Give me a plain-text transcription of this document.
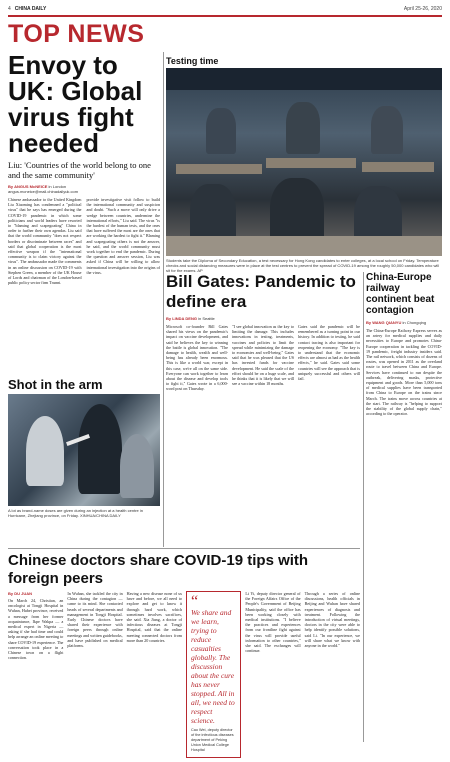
4 CHINA DAILY	April 25-26, 2020
TOP NEWS
Envoy to UK: Global virus fight needed
Liu: 'Countries of the world belong to one and the same community'
By ANGUS McNEICE in London
angus.mcneice@mail.chinadailyuk.com
Chinese ambassador to the United Kingdom Liu Xiaoming has condemned a "political virus" that he says has emerged during the COVID-19 pandemic in which some politicians and world leaders have resorted to "blaming and scapegoating" China in order to further their own agendas. Liu said that the world community "does not respect borders or discriminate between races" and said that global cooperation is the most effective weapon if the "international community is to claim victory against the virus". The ambassador made the comments in an online discussion on COVID-19 with Stephen Green, a member of the UK House of Lords and chairman of the London-based public policy sector firm Trunni.
provide investigative visit follow to build the international community and suspicion and doubt. "Such a move will only drive a wedge between countries, undermine the international efforts," Liu said. The virus "is the hardest of the human tests, and the ones that have suffered the most are the ones that are working the hardest to fight it." Blaming and scapegoating others is not the answer, he said, and the world community must work together to end the pandemic. During the question and answer session, Liu was asked if China will be willing to allow international investigation into the origins of the virus.
Shot in the arm
A lot as brand-name doses are given during an injection at a health centre in Hurricane, Zhejiang province, on Friday. XINHUA/CHINA DAILY
Testing time
Students take the Diploma of Secondary Education, a test necessary for Hong Kong candidates to enter colleges, at a local school on Friday. Temperature checks and social distancing measures were in place at the test centres to prevent the spread of COVID-19 among the roughly 50,000 candidates who will sit for the exams. AP
Bill Gates: Pandemic to define era
By LINDA DENG in Seattle
Microsoft co-founder Bill Gates shared his views on the pandemic's impact on vaccine development, and said he believes the key to winning the battle is global innovation. "The damage to health, wealth and well-being has already been enormous. This is like a world war, except in this case, we're all on the same side. Everyone can work together to learn about the disease and develop tools to fight it," Gates wrote in a 6,000-word post on Thursday.
"I see global innovation as the key to limiting the damage. This includes innovations in testing, treatments, vaccines and policies to limit the spread while minimizing the damage to economies and well-being." Gates said that he was pleased that the US has invested funds for vaccine development. He said the scale of the effort should be on a huge scale, and he thinks that it is likely that we will see a vaccine within 18 months.
Gates said the pandemic will be remembered as a turning point in our history. In addition to testing, he said contact tracing is also important for reopening the economy. "The key is to understand that the economic effects are almost as bad as the health effects," he said. Gates said some countries will see the approach that is uniquely successful and others will fail.
China-Europe railway continent beat contagion
By WANG QIANYU in Chongqing
The China-Europe Railway Express serves as an artery for medical supplies and daily necessities to Europe and promotes China-Europe cooperation in tackling the COVID-19 pandemic, freight industry insiders said. The rail network, which consists of dozens of routes, was opened in 2011 as the overland route to travel between China and Europe. Services have continued to run despite the outbreak, delivering masks, protective equipment and goods. More than 5,000 tons of medical supplies have been transported from China to Europe on the trains since March. The trains move across countries at the start. The railway is "helping to support the stability of the global supply chain," according to the operator.
Chinese doctors share COVID-19 tips with foreign peers
By DU JUAN
On March 24, Christian, an oncologist at Tongji Hospital in Wuhan, Hubei province, received a message from her former acquaintance, Ikpe Wakpa — a medical expert in Nigeria — asking if she had time and could help arrange an online meeting to share COVID-19 experience. The conversation took place in a Chinese town on a flight connection.
In Wuhan, she tackled the city in China during the contagion — came to its mind. She contacted heads of several departments and management in Tongji Hospital. Early Chinese doctors have shared their experience with foreign peers through online meetings and written guidebooks, and have published on medical platforms.
Having a new disease none of us have and before, we all need to explore and get to know it through hard work, which sometimes involves sacrifices, she said. Xia Jiang, a doctor of infectious diseases at Tongji Hospital, said that the online meeting connected doctors from more than 20 countries.
“
We share and we learn, trying to reduce casualties globally. The discussion about the cure has never stopped. All in all, we need to respect science.
Cao Wei, deputy director of the infectious diseases department of Peking Union Medical College Hospital
Li Yi, deputy director general of the Foreign Affairs Office of the People's Government of Beijing Municipality, said the office has been working closely with medical institutions. "I believe the practices and experiences from our frontline fight against the virus will provide useful information to other countries," she said. The exchanges will continue.
Through a series of online discussions, health officials in Beijing and Wuhan have shared experiences of diagnosis and treatment. Following the introduction of virtual meetings, doctors in the city were able to help identify possible solutions, said Li. "In our experience, we will share what we know with anyone in the world."
